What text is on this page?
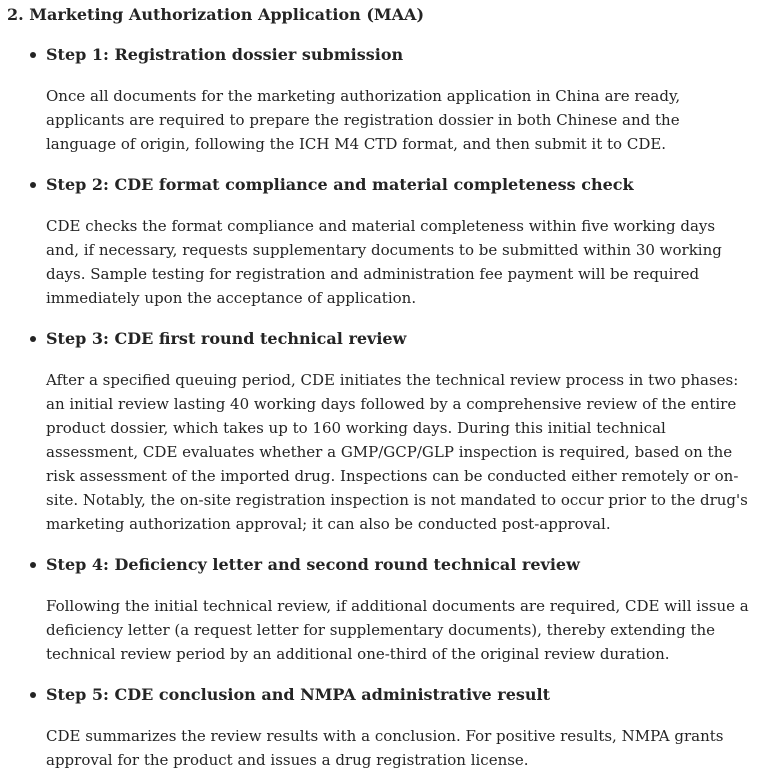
2. Marketing Authorization Application (MAA)
Step 1: Registration dossier submission

Once all documents for the marketing authorization application in China are ready, applicants are required to prepare the registration dossier in both Chinese and the language of origin, following the ICH M4 CTD format, and then submit it to CDE.

Step 2: CDE format compliance and material completeness check

CDE checks the format compliance and material completeness within five working days and, if necessary, requests supplementary documents to be submitted within 30 working days. Sample testing for registration and administration fee payment will be required immediately upon the acceptance of application.

Step 3: CDE first round technical review

After a specified queuing period, CDE initiates the technical review process in two phases: an initial review lasting 40 working days followed by a comprehensive review of the entire product dossier, which takes up to 160 working days. During this initial technical assessment, CDE evaluates whether a GMP/GCP/GLP inspection is required, based on the risk assessment of the imported drug. Inspections can be conducted either remotely or on-site. Notably, the on-site registration inspection is not mandated to occur prior to the drug's marketing authorization approval; it can also be conducted post-approval.

Step 4: Deficiency letter and second round technical review

Following the initial technical review, if additional documents are required, CDE will issue a deficiency letter (a request letter for supplementary documents), thereby extending the technical review period by an additional one-third of the original review duration.

Step 5: CDE conclusion and NMPA administrative result

CDE summarizes the review results with a conclusion. For positive results, NMPA grants approval for the product and issues a drug registration license.
